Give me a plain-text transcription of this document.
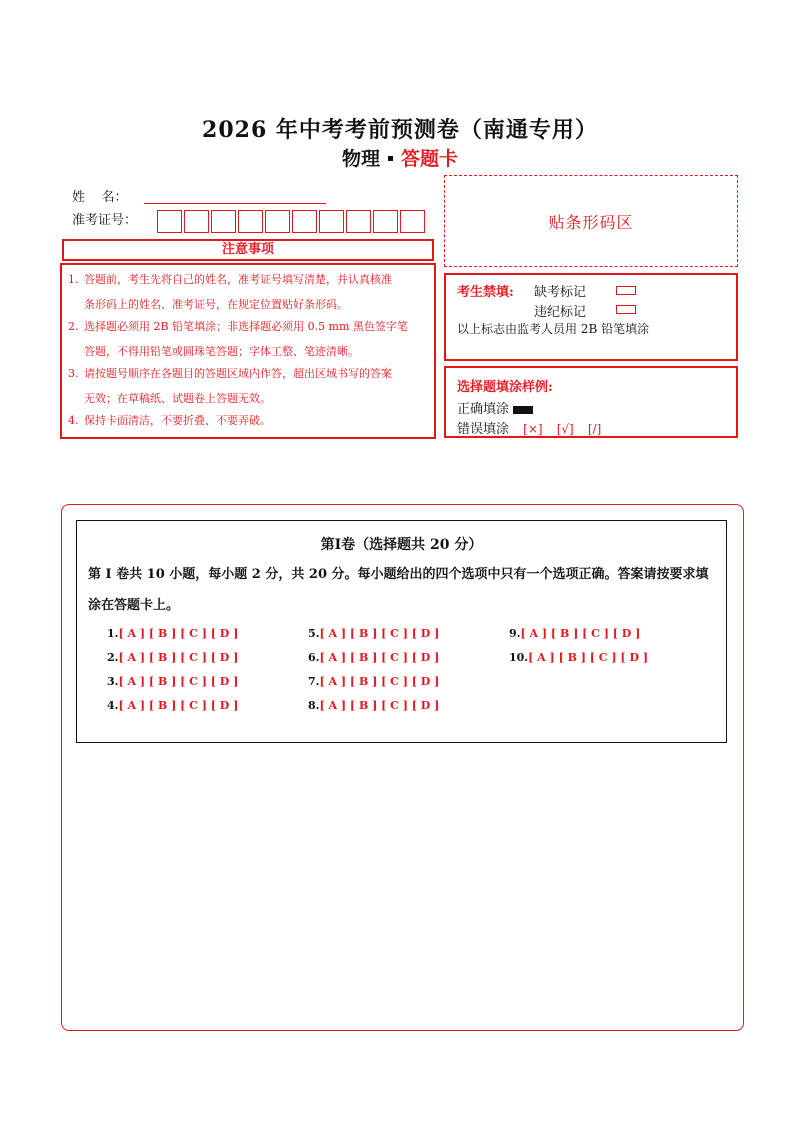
2026 年中考考前预测卷（南通专用）
物理 答题卡
姓    名：
准考证号：
注意事项
1. 答题前，考生先将自己的姓名，准考证号填写清楚，并认真核准
条形码上的姓名、准考证号，在规定位置贴好条形码。
2. 选择题必须用 2B 铅笔填涂；非选择题必须用 0.5 mm 黑色签字笔
答题，不得用铅笔或圆珠笔答题；字体工整、笔迹清晰。
3. 请按题号顺序在各题目的答题区域内作答，超出区域书写的答案
无效；在草稿纸、试题卷上答题无效。
4. 保持卡面清洁，不要折叠、不要弄破。
贴条形码区
考生禁填: 缺考标记
违纪标记
以上标志由监考人员用 2B 铅笔填涂
选择题填涂样例:
正确填涂
错误填涂 [×] [√] [/]
第Ⅰ卷（选择题共 20 分）
第 Ⅰ 卷共 10 小题，每小题 2 分，共 20 分。每小题给出的四个选项中只有一个选项正确。答案请按要求填涂在答题卡上。
1.[ A ] [ B ] [ C ] [ D ]
2.[ A ] [ B ] [ C ] [ D ]
3.[ A ] [ B ] [ C ] [ D ]
4.[ A ] [ B ] [ C ] [ D ]
5.[ A ] [ B ] [ C ] [ D ]
6.[ A ] [ B ] [ C ] [ D ]
7.[ A ] [ B ] [ C ] [ D ]
8.[ A ] [ B ] [ C ] [ D ]
9.[ A ] [ B ] [ C ] [ D ]
10.[ A ] [ B ] [ C ] [ D ]
